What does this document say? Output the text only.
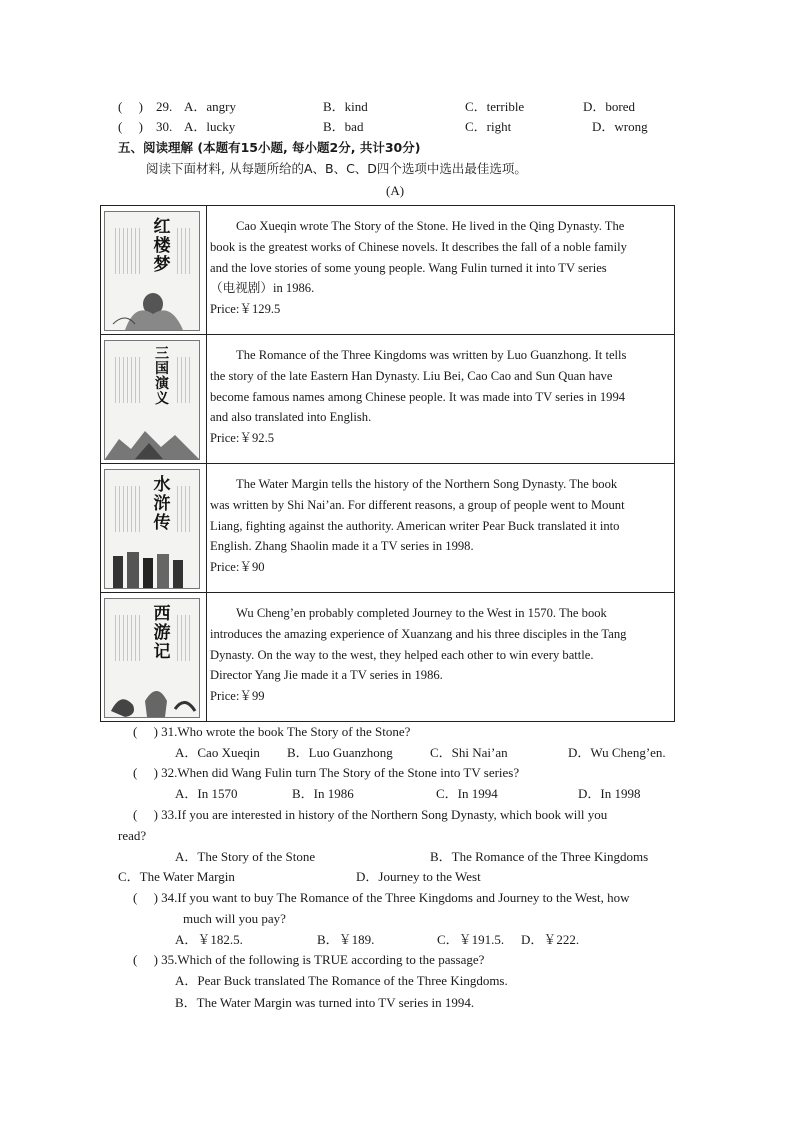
(　 ) 29. A．angry	B．kind	C．terrible	D．bored
(　 ) 30. A．lucky	B．bad	C．right	D．wrong
五、阅读理解 (本题有15小题, 每小题2分, 共计30分)
阅读下面材料, 从每题所给的A、B、C、D四个选项中选出最佳选项。
(A)
红楼梦	Cao Xueqin wrote The Story of the Stone. He lived in the Qing Dynasty. The
book is the greatest works of Chinese novels. It describes the fall of a noble family
and the love stories of some young people. Wang Fulin turned it into TV series
（电视剧）in 1986.
Price:￥129.5

三国演义	The Romance of the Three Kingdoms was written by Luo Guanzhong. It tells
the story of the late Eastern Han Dynasty. Liu Bei, Cao Cao and Sun Quan have
become famous names among Chinese people. It was made into TV series in 1994
and also translated into English.
Price:￥92.5

水浒传	The Water Margin tells the history of the Northern Song Dynasty. The book
was written by Shi Nai’an. For different reasons, a group of people went to Mount
Liang, fighting against the authority. American writer Pear Buck translated it into
English. Zhang Shaolin made it a TV series in 1998.
Price:￥90

西游记	Wu Cheng’en probably completed Journey to the West in 1570. The book
introduces the amazing experience of Xuanzang and his three disciples in the Tang
Dynasty. On the way to the west, they helped each other to win every battle.
Director Yang Jie made it a TV series in 1986.
Price:￥99
(　 ) 31.Who wrote the book The Story of the Stone?
A．Cao Xueqin B．Luo Guanzhong	C．Shi Nai’an	D．Wu Cheng’en.
(　 ) 32.When did Wang Fulin turn The Story of the Stone into TV series?
A．In 1570	B．In 1986	C．In 1994	D．In 1998
(　 ) 33.If you are interested in history of the Northern Song Dynasty, which book will you
read?
A．The Story of the Stone	B．The Romance of the Three Kingdoms
C．The Water Margin	D．Journey to the West
(　 ) 34.If you want to buy The Romance of the Three Kingdoms and Journey to the West, how
much will you pay?
A．￥182.5.	B．￥189.	C．￥191.5. D．￥222.
(　 ) 35.Which of the following is TRUE according to the passage?
A．Pear Buck translated The Romance of the Three Kingdoms.
B．The Water Margin was turned into TV series in 1994.
